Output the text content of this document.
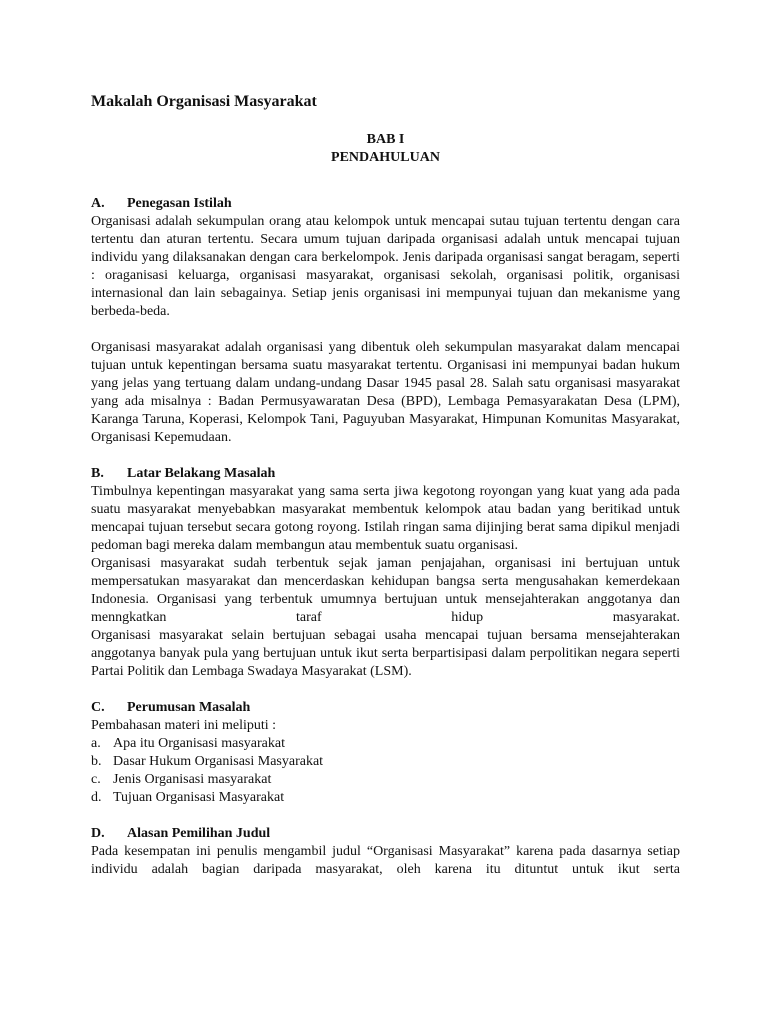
Makalah Organisasi Masyarakat
BAB I
PENDAHULUAN
A. Penegasan Istilah

Organisasi adalah sekumpulan orang atau kelompok untuk mencapai sutau tujuan tertentu dengan cara tertentu dan aturan tertentu. Secara umum tujuan daripada organisasi adalah untuk mencapai tujuan individu yang dilaksanakan dengan cara berkelompok. Jenis daripada organisasi sangat beragam, seperti : oraganisasi keluarga, organisasi masyarakat, organisasi sekolah, organisasi politik, organisasi internasional dan lain sebagainya. Setiap jenis organisasi ini mempunyai tujuan dan mekanisme yang berbeda-beda.

Organisasi masyarakat adalah organisasi yang dibentuk oleh sekumpulan masyarakat dalam mencapai tujuan untuk kepentingan bersama suatu masyarakat tertentu. Organisasi ini mempunyai badan hukum yang jelas yang tertuang dalam undang-undang Dasar 1945 pasal 28. Salah satu organisasi masyarakat yang ada misalnya : Badan Permusyawaratan Desa (BPD), Lembaga Pemasyarakatan Desa (LPM), Karanga Taruna, Koperasi, Kelompok Tani, Paguyuban Masyarakat, Himpunan Komunitas Masyarakat, Organisasi Kepemudaan.

B. Latar Belakang Masalah

Timbulnya kepentingan masyarakat yang sama serta jiwa kegotong royongan yang kuat yang ada pada suatu masyarakat menyebabkan masyarakat membentuk kelompok atau badan yang beritikad untuk mencapai tujuan tersebut secara gotong royong. Istilah ringan sama dijinjing berat sama dipikul menjadi pedoman bagi mereka dalam membangun atau membentuk suatu organisasi.

Organisasi masyarakat sudah terbentuk sejak jaman penjajahan, organisasi ini bertujuan untuk mempersatukan masyarakat dan mencerdaskan kehidupan bangsa serta mengusahakan kemerdekaan Indonesia. Organisasi yang terbentuk umumnya bertujuan untuk mensejahterakan anggotanya dan menngkatkan taraf hidup masyarakat.

Organisasi masyarakat selain bertujuan sebagai usaha mencapai tujuan bersama mensejahterakan anggotanya banyak pula yang bertujuan untuk ikut serta berpartisipasi dalam perpolitikan negara seperti Partai Politik dan Lembaga Swadaya Masyarakat (LSM).

C. Perumusan Masalah

Pembahasan materi ini meliputi :

a. Apa itu Organisasi masyarakat
b. Dasar Hukum Organisasi Masyarakat
c. Jenis Organisasi masyarakat
d. Tujuan Organisasi Masyarakat
D. Alasan Pemilihan Judul

Pada kesempatan ini penulis mengambil judul “Organisasi Masyarakat” karena pada dasarnya setiap individu adalah bagian daripada masyarakat, oleh karena itu dituntut untuk ikut serta
